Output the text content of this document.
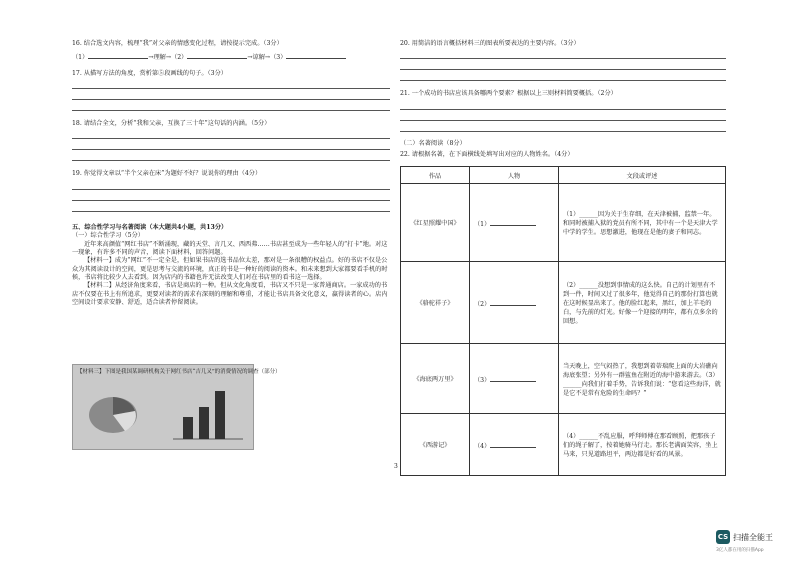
16. 结合选文内容，梳理“我”对父亲的情感变化过程，请按提示完成。（3分）

（1）	→理解→（2）	→谅解→（3）

17. 从描写方法的角度，赏析第⑤段画线的句子。（3分）

18. 请结合全文，分析“我和父亲，互换了三十年”这句话的内涵。（5分）

19. 你觉得文章以“半个父亲在床”为题好不好？说说你的理由（4分）

五、综合性学习与名著阅读（本大题共4小题，共13分）

（一）综合性学习（5分）

近年来高颜值“网红书店”不断涌现，藏的天堂、言几又、西西弗……书店甚至成为一些年轻人的“打卡”地。对这一现象，有许多不同的声音，阅读下面材料，回答问题。

【材料一】成为“网红”不一定全是，但如果书店的选书品位太差，那对是一条很糟的权益点。好的书店不仅是公众为其阅读设计的空间，更是思考与交流的环境，真正的书是一种好的阅读的资本。和未来想到大家都要看手机的时候，书店将比较少人去看到。因为店内的书籍也许无法改变人们对在书店里的看书这一选择。

【材料二】从经济角度来看，书店是商店的一种。但从文化角度看，书店又不只是一家普通商店。一家成功的书店不仅要在书上有所追求，更要对读者的需求有深刻的理解和尊重，才能让书店具备文化意义，赢得读者的心。店内空间设计要求安静、舒适，适合读者停留阅读。

【材料三】下图是我国某调研机构关于网红书店“吉几又”的消费情况的调查（部分）

20. 用简洁的语言概括材料三的图表所要表达的主要内容。（3分）

21. 一个成功的书店应该具备哪两个要素？根据以上三则材料简要概括。（2分）

（二）名著阅读（8分）

22. 请根据名著，在下面横线处填写出对应的人物姓名。（4分）

作品	人物	文段或评述
《红星照耀中国》	（1）	（1）______因为关于生存细，在天津被捕，监禁一年。和同时被捕入狱的党员有所不同，其中有一个是天津大学中学的学生。思想激进，他现在是他的妻子和同志。
《骆驼祥子》	（2）	（2）______没想到事情成的这么快。自己的计划里有不到一件，时间又过了很多年，他觉得自己的那份打算也就在这时候显出来了。他的脸红起来，黑红，加上羊毛的白，与先前的灯光。好像一个迎接的明年，都有点多余的回想。
《海底两万里》	（3）	当天晚上，空气闷热了，我想到着蒂瑞爬上面的大岩礁向海底张望；另外有一群鲨鱼在附近的海中游来游去。（3）______向我们打着手势，告诉我们说：“您看这些海洋，就是它不是常有危险的生命吗？”
《西游记》	（4）	（4）______不乱应服，呼拜师傅在那看顾照，把那孩子们的绳子解了，按着她骑马行走。那长老满面笑容，坐上马来，只见道路坦平，两边都是好看的风景。
3
CS 扫描全能王
3亿人都在用的扫描App
